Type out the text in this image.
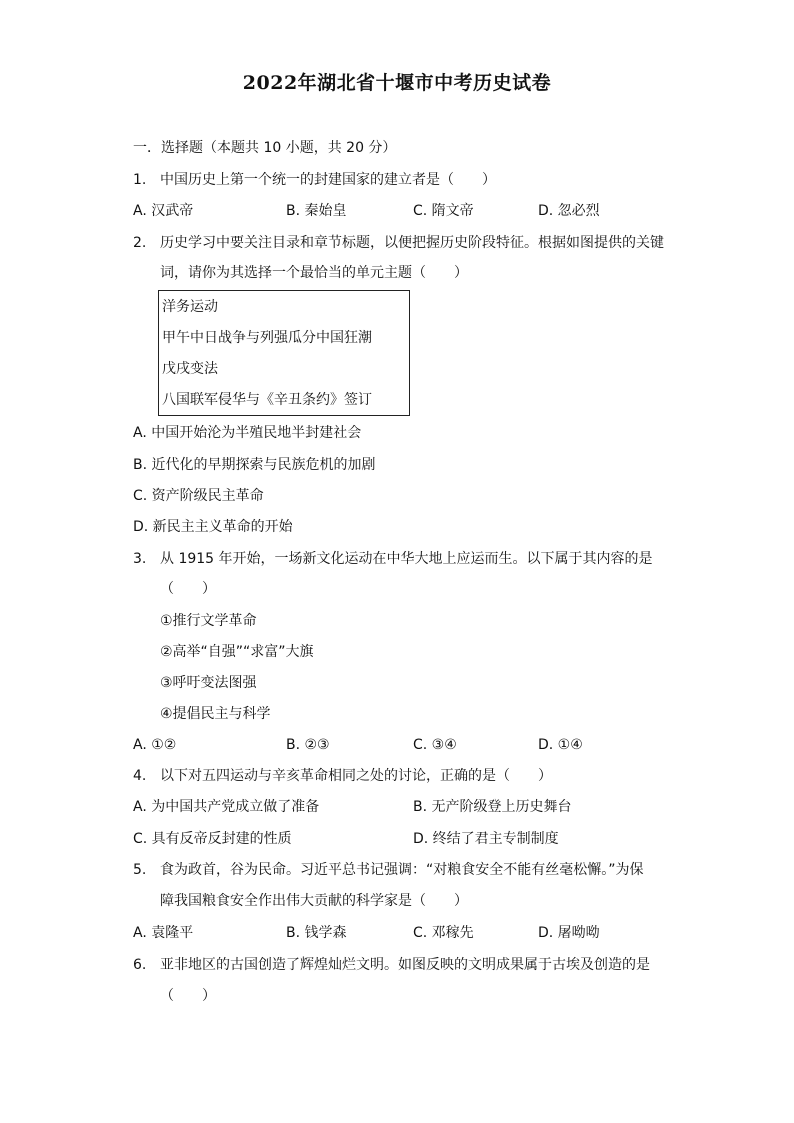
2022年湖北省十堰市中考历史试卷
一．选择题（本题共 10 小题，共 20 分）
1. 中国历史上第一个统一的封建国家的建立者是（　　）
A. 汉武帝	B. 秦始皇	C. 隋文帝	D. 忽必烈
2. 历史学习中要关注目录和章节标题，以便把握历史阶段特征。根据如图提供的关键
词，请你为其选择一个最恰当的单元主题（　　）
洋务运动
甲午中日战争与列强瓜分中国狂潮
戊戌变法
八国联军侵华与《辛丑条约》签订
A. 中国开始沦为半殖民地半封建社会
B. 近代化的早期探索与民族危机的加剧
C. 资产阶级民主革命
D. 新民主主义革命的开始
3. 从 1915 年开始，一场新文化运动在中华大地上应运而生。以下属于其内容的是
（　　）
①推行文学革命
②高举“自强”“求富”大旗
③呼吁变法图强
④提倡民主与科学
A. ①②	B. ②③	C. ③④	D. ①④
4. 以下对五四运动与辛亥革命相同之处的讨论，正确的是（　　）
A. 为中国共产党成立做了准备	B. 无产阶级登上历史舞台
C. 具有反帝反封建的性质	D. 终结了君主专制制度
5. 食为政首，谷为民命。习近平总书记强调：“对粮食安全不能有丝毫松懈。”为保
障我国粮食安全作出伟大贡献的科学家是（　　）
A. 袁隆平	B. 钱学森	C. 邓稼先	D. 屠呦呦
6. 亚非地区的古国创造了辉煌灿烂文明。如图反映的文明成果属于古埃及创造的是
（　　）
